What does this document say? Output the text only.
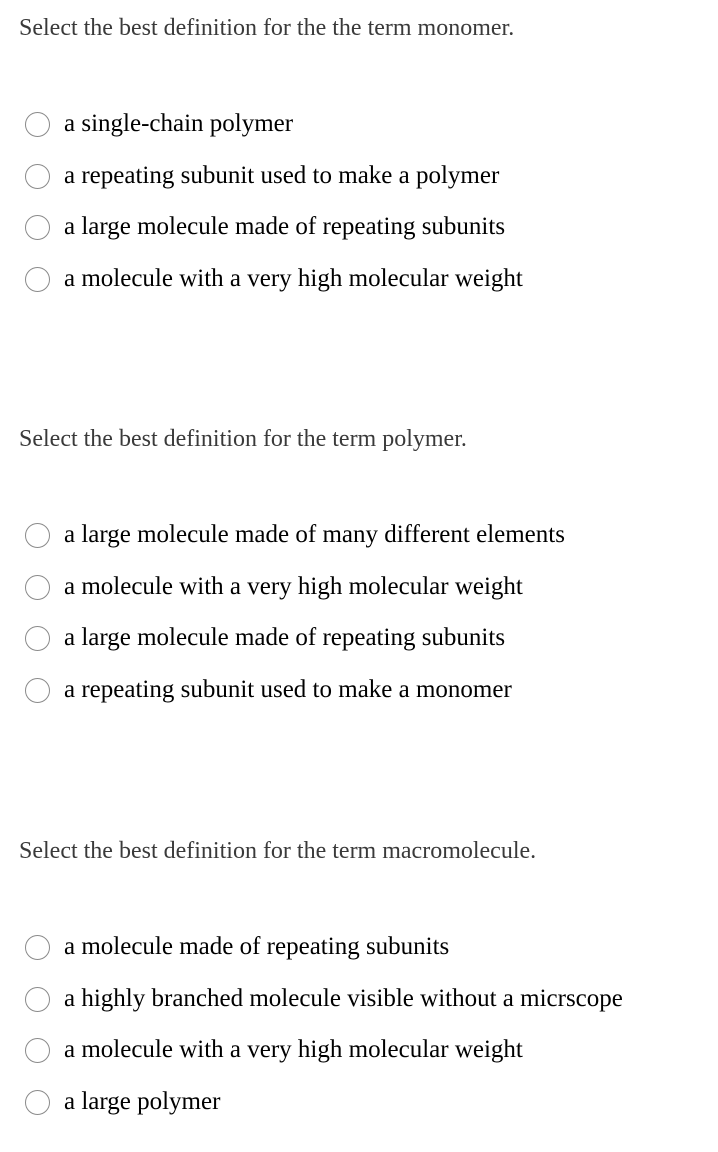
Select the best definition for the the term monomer.

a single-chain polymer
a repeating subunit used to make a polymer
a large molecule made of repeating subunits
a molecule with a very high molecular weight

Select the best definition for the term polymer.

a large molecule made of many different elements
a molecule with a very high molecular weight
a large molecule made of repeating subunits
a repeating subunit used to make a monomer

Select the best definition for the term macromolecule.

a molecule made of repeating subunits
a highly branched molecule visible without a micrscope
a molecule with a very high molecular weight
a large polymer
